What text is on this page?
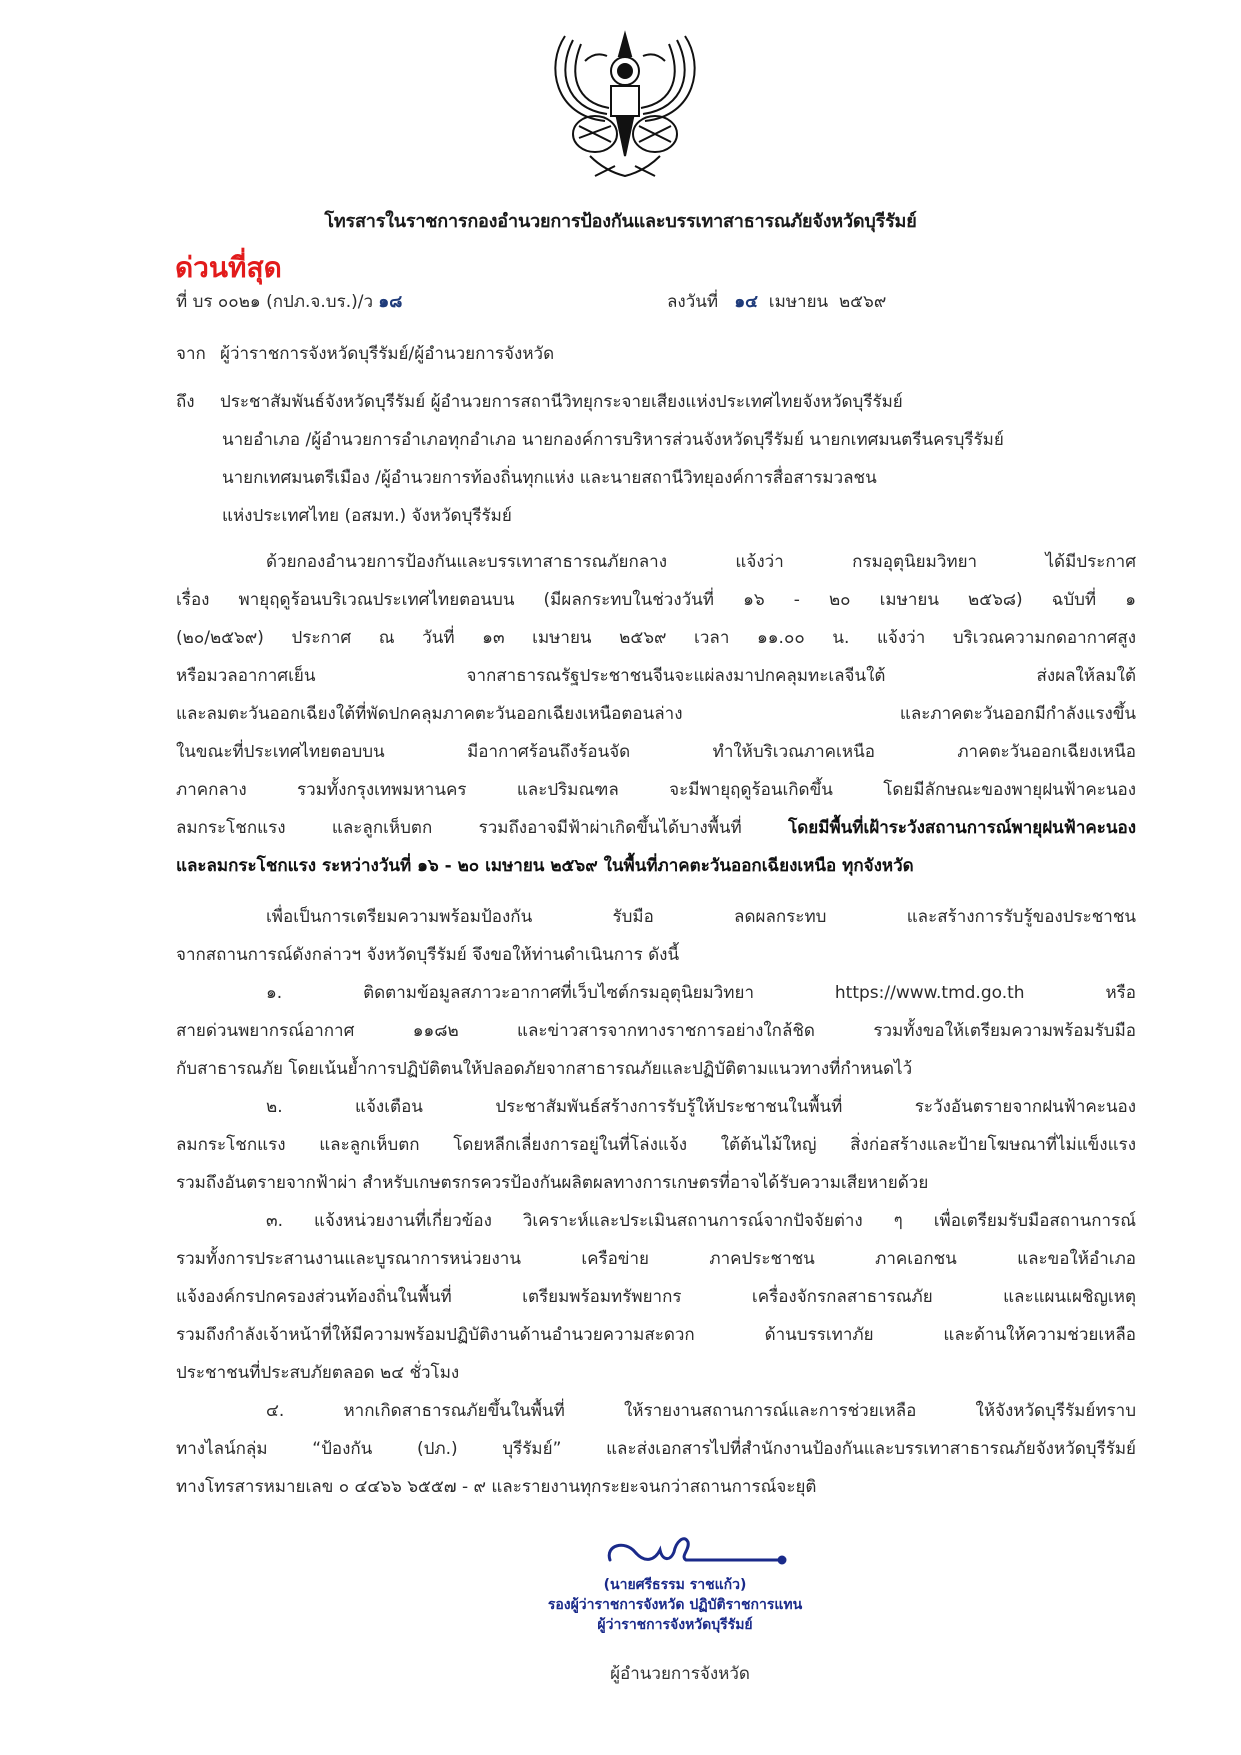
โทรสารในราชการกองอำนวยการป้องกันและบรรเทาสาธารณภัยจังหวัดบุรีรัมย์
ด่วนที่สุด
ที่ บร ๐๐๒๑ (กปภ.จ.บร.)/ว ๑๘	ลงวันที่ ๑๔ เมษายน ๒๕๖๙
จาก ผู้ว่าราชการจังหวัดบุรีรัมย์/ผู้อำนวยการจังหวัด
ถึง ประชาสัมพันธ์จังหวัดบุรีรัมย์ ผู้อำนวยการสถานีวิทยุกระจายเสียงแห่งประเทศไทยจังหวัดบุรีรัมย์
นายอำเภอ /ผู้อำนวยการอำเภอทุกอำเภอ นายกองค์การบริหารส่วนจังหวัดบุรีรัมย์ นายกเทศมนตรีนครบุรีรัมย์
นายกเทศมนตรีเมือง /ผู้อำนวยการท้องถิ่นทุกแห่ง และนายสถานีวิทยุองค์การสื่อสารมวลชน
แห่งประเทศไทย (อสมท.) จังหวัดบุรีรัมย์
ด้วยกองอำนวยการป้องกันและบรรเทาสาธารณภัยกลาง แจ้งว่า กรมอุตุนิยมวิทยา ได้มีประกาศ
เรื่อง พายุฤดูร้อนบริเวณประเทศไทยตอนบน (มีผลกระทบในช่วงวันที่ ๑๖ - ๒๐ เมษายน ๒๕๖๘) ฉบับที่ ๑
(๒๐/๒๕๖๙) ประกาศ ณ วันที่ ๑๓ เมษายน ๒๕๖๙ เวลา ๑๑.๐๐ น. แจ้งว่า บริเวณความกดอากาศสูง
หรือมวลอากาศเย็น จากสาธารณรัฐประชาชนจีนจะแผ่ลงมาปกคลุมทะเลจีนใต้ ส่งผลให้ลมใต้
และลมตะวันออกเฉียงใต้ที่พัดปกคลุมภาคตะวันออกเฉียงเหนือตอนล่าง และภาคตะวันออกมีกำลังแรงขึ้น
ในขณะที่ประเทศไทยตอบบน มีอากาศร้อนถึงร้อนจัด ทำให้บริเวณภาคเหนือ ภาคตะวันออกเฉียงเหนือ
ภาคกลาง รวมทั้งกรุงเทพมหานคร และปริมณฑล จะมีพายุฤดูร้อนเกิดขึ้น โดยมีลักษณะของพายุฝนฟ้าคะนอง
ลมกระโชกแรง และลูกเห็บตก รวมถึงอาจมีฟ้าผ่าเกิดขึ้นได้บางพื้นที่ โดยมีพื้นที่เฝ้าระวังสถานการณ์พายุฝนฟ้าคะนอง
และลมกระโชกแรง ระหว่างวันที่ ๑๖ - ๒๐ เมษายน ๒๕๖๙ ในพื้นที่ภาคตะวันออกเฉียงเหนือ ทุกจังหวัด
เพื่อเป็นการเตรียมความพร้อมป้องกัน รับมือ ลดผลกระทบ และสร้างการรับรู้ของประชาชน
จากสถานการณ์ดังกล่าวฯ จังหวัดบุรีรัมย์ จึงขอให้ท่านดำเนินการ ดังนี้
๑. ติดตามข้อมูลสภาวะอากาศที่เว็บไซต์กรมอุตุนิยมวิทยา https://www.tmd.go.th หรือ
สายด่วนพยากรณ์อากาศ ๑๑๘๒ และข่าวสารจากทางราชการอย่างใกล้ชิด รวมทั้งขอให้เตรียมความพร้อมรับมือ
กับสาธารณภัย โดยเน้นย้ำการปฏิบัติตนให้ปลอดภัยจากสาธารณภัยและปฏิบัติตามแนวทางที่กำหนดไว้
๒. แจ้งเตือน ประชาสัมพันธ์สร้างการรับรู้ให้ประชาชนในพื้นที่ ระวังอันตรายจากฝนฟ้าคะนอง
ลมกระโชกแรง และลูกเห็บตก โดยหลีกเลี่ยงการอยู่ในที่โล่งแจ้ง ใต้ต้นไม้ใหญ่ สิ่งก่อสร้างและป้ายโฆษณาที่ไม่แข็งแรง
รวมถึงอันตรายจากฟ้าผ่า สำหรับเกษตรกรควรป้องกันผลิตผลทางการเกษตรที่อาจได้รับความเสียหายด้วย
๓. แจ้งหน่วยงานที่เกี่ยวข้อง วิเคราะห์และประเมินสถานการณ์จากปัจจัยต่าง ๆ เพื่อเตรียมรับมือสถานการณ์
รวมทั้งการประสานงานและบูรณาการหน่วยงาน เครือข่าย ภาคประชาชน ภาคเอกชน และขอให้อำเภอ
แจ้งองค์กรปกครองส่วนท้องถิ่นในพื้นที่ เตรียมพร้อมทรัพยากร เครื่องจักรกลสาธารณภัย และแผนเผชิญเหตุ
รวมถึงกำลังเจ้าหน้าที่ให้มีความพร้อมปฏิบัติงานด้านอำนวยความสะดวก ด้านบรรเทาภัย และด้านให้ความช่วยเหลือ
ประชาชนที่ประสบภัยตลอด ๒๔ ชั่วโมง
๔. หากเกิดสาธารณภัยขึ้นในพื้นที่ ให้รายงานสถานการณ์และการช่วยเหลือ ให้จังหวัดบุรีรัมย์ทราบ
ทางไลน์กลุ่ม “ป้องกัน (ปภ.) บุรีรัมย์” และส่งเอกสารไปที่สำนักงานป้องกันและบรรเทาสาธารณภัยจังหวัดบุรีรัมย์
ทางโทรสารหมายเลข ๐ ๔๔๖๖ ๖๕๕๗ - ๙ และรายงานทุกระยะจนกว่าสถานการณ์จะยุติ
(นายศรีธรรม ราชแก้ว)
รองผู้ว่าราชการจังหวัด ปฏิบัติราชการแทน
ผู้ว่าราชการจังหวัดบุรีรัมย์
ผู้อำนวยการจังหวัด
